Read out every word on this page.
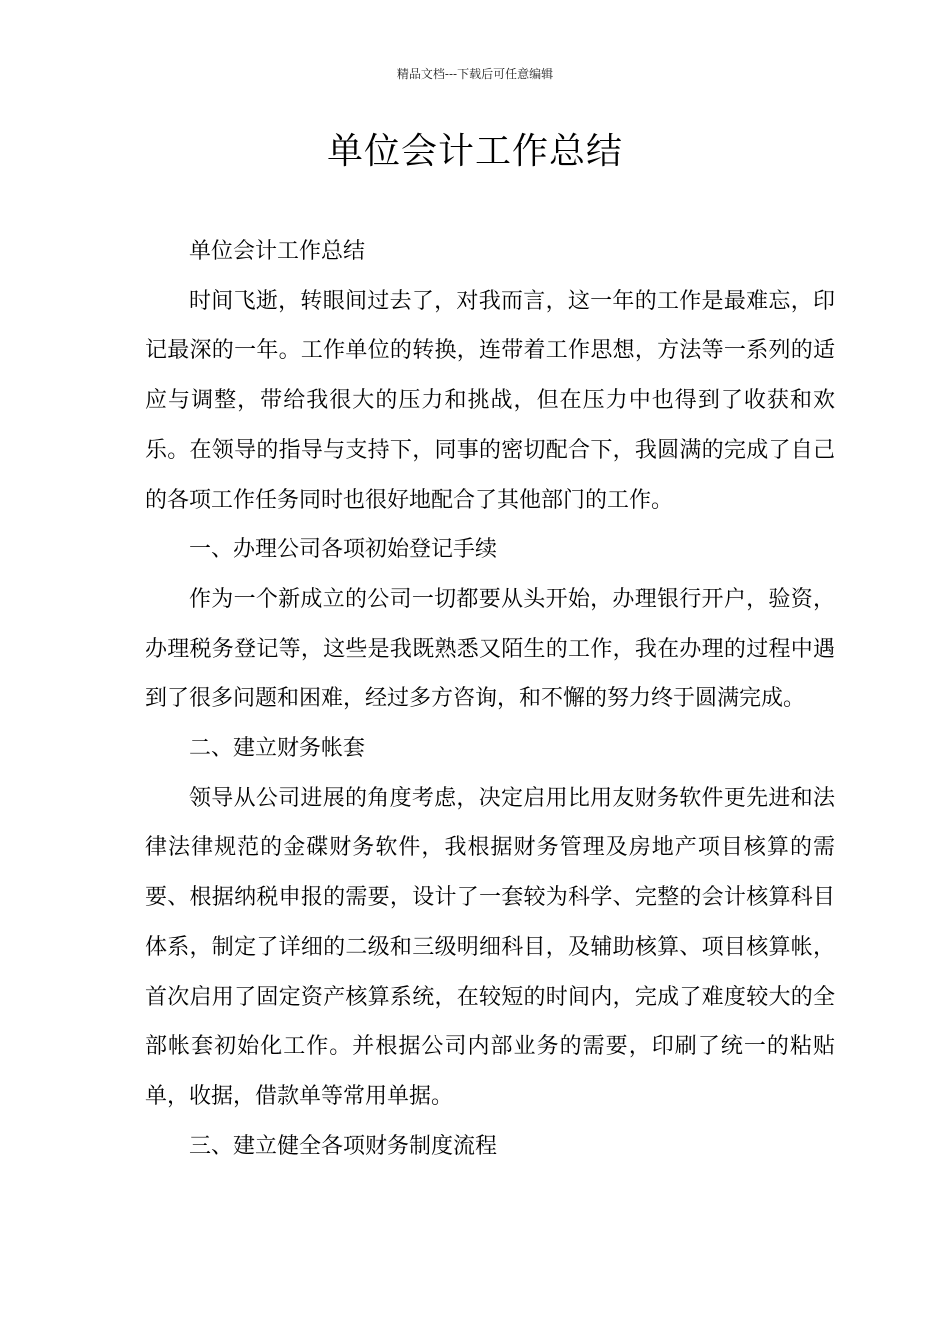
精品文档---下载后可任意编辑
单位会计工作总结

单位会计工作总结

时间飞逝，转眼间过去了，对我而言，这一年的工作是最难忘，印记最深的一年。工作单位的转换，连带着工作思想，方法等一系列的适应与调整，带给我很大的压力和挑战，但在压力中也得到了收获和欢乐。在领导的指导与支持下，同事的密切配合下，我圆满的完成了自己的各项工作任务同时也很好地配合了其他部门的工作。

一、办理公司各项初始登记手续

作为一个新成立的公司一切都要从头开始，办理银行开户，验资，办理税务登记等，这些是我既熟悉又陌生的工作，我在办理的过程中遇到了很多问题和困难，经过多方咨询，和不懈的努力终于圆满完成。

二、建立财务帐套

领导从公司进展的角度考虑，决定启用比用友财务软件更先进和法律法律规范的金碟财务软件，我根据财务管理及房地产项目核算的需要、根据纳税申报的需要，设计了一套较为科学、完整的会计核算科目体系，制定了详细的二级和三级明细科目，及辅助核算、项目核算帐，首次启用了固定资产核算系统，在较短的时间内，完成了难度较大的全部帐套初始化工作。并根据公司内部业务的需要，印刷了统一的粘贴单，收据，借款单等常用单据。

三、建立健全各项财务制度流程
